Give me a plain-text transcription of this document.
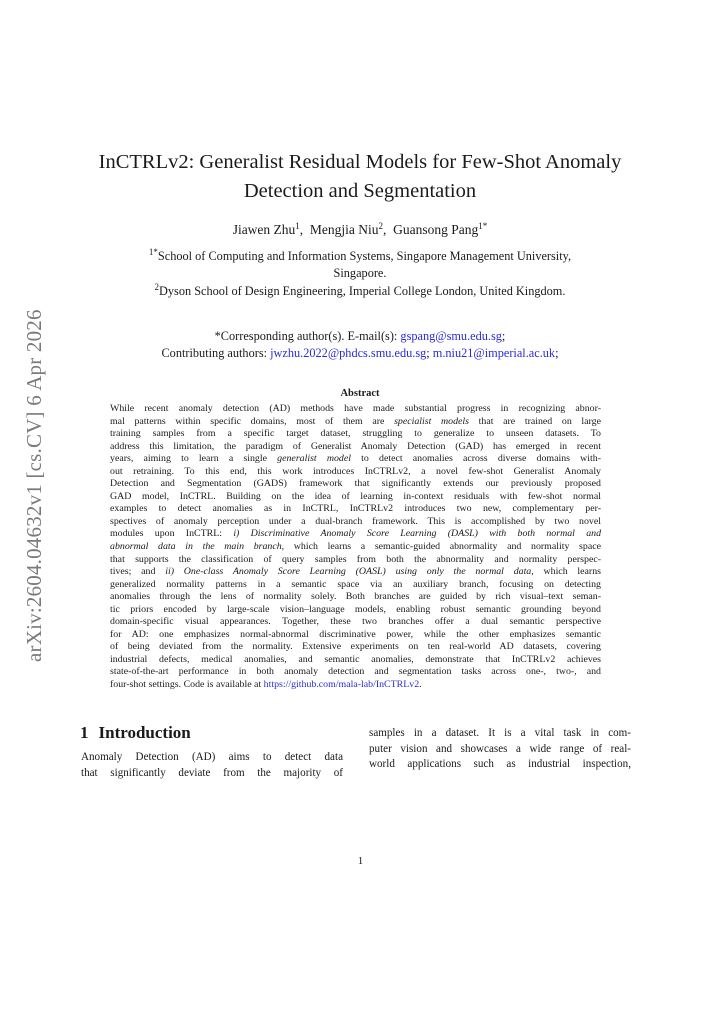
arXiv:2604.04632v1 [cs.CV] 6 Apr 2026
InCTRLv2: Generalist Residual Models for Few-Shot Anomaly
Detection and Segmentation
Jiawen Zhu$^1$,  Mengjia Niu$^2$,  Guansong Pang$^{1*}$
$^{1*}$School of Computing and Information Systems, Singapore Management University,
Singapore.
$^2$Dyson School of Design Engineering, Imperial College London, United Kingdom.
*Corresponding author(s). E-mail(s): gspang@smu.edu.sg;
Contributing authors: jwzhu.2022@phdcs.smu.edu.sg; m.niu21@imperial.ac.uk;
Abstract
While recent anomaly detection (AD) methods have made substantial progress in recognizing abnor-
mal patterns within specific domains, most of them are specialist models that are trained on large
training samples from a specific target dataset, struggling to generalize to unseen datasets. To
address this limitation, the paradigm of Generalist Anomaly Detection (GAD) has emerged in recent
years, aiming to learn a single generalist model to detect anomalies across diverse domains with-
out retraining. To this end, this work introduces InCTRLv2, a novel few-shot Generalist Anomaly
Detection and Segmentation (GADS) framework that significantly extends our previously proposed
GAD model, InCTRL. Building on the idea of learning in-context residuals with few-shot normal
examples to detect anomalies as in InCTRL, InCTRLv2 introduces two new, complementary per-
spectives of anomaly perception under a dual-branch framework. This is accomplished by two novel
modules upon InCTRL: i) Discriminative Anomaly Score Learning (DASL) with both normal and
abnormal data in the main branch, which learns a semantic-guided abnormality and normality space
that supports the classification of query samples from both the abnormality and normality perspec-
tives; and ii) One-class Anomaly Score Learning (OASL) using only the normal data, which learns
generalized normality patterns in a semantic space via an auxiliary branch, focusing on detecting
anomalies through the lens of normality solely. Both branches are guided by rich visual–text seman-
tic priors encoded by large-scale vision–language models, enabling robust semantic grounding beyond
domain-specific visual appearances. Together, these two branches offer a dual semantic perspective
for AD: one emphasizes normal-abnormal discriminative power, while the other emphasizes semantic
of being deviated from the normality. Extensive experiments on ten real-world AD datasets, covering
industrial defects, medical anomalies, and semantic anomalies, demonstrate that InCTRLv2 achieves
state-of-the-art performance in both anomaly detection and segmentation tasks across one-, two-, and
four-shot settings. Code is available at https://github.com/mala-lab/InCTRLv2.
1 Introduction
Anomaly Detection (AD) aims to detect data
that significantly deviate from the majority of
samples in a dataset. It is a vital task in com-
puter vision and showcases a wide range of real-
world applications such as industrial inspection,
1
